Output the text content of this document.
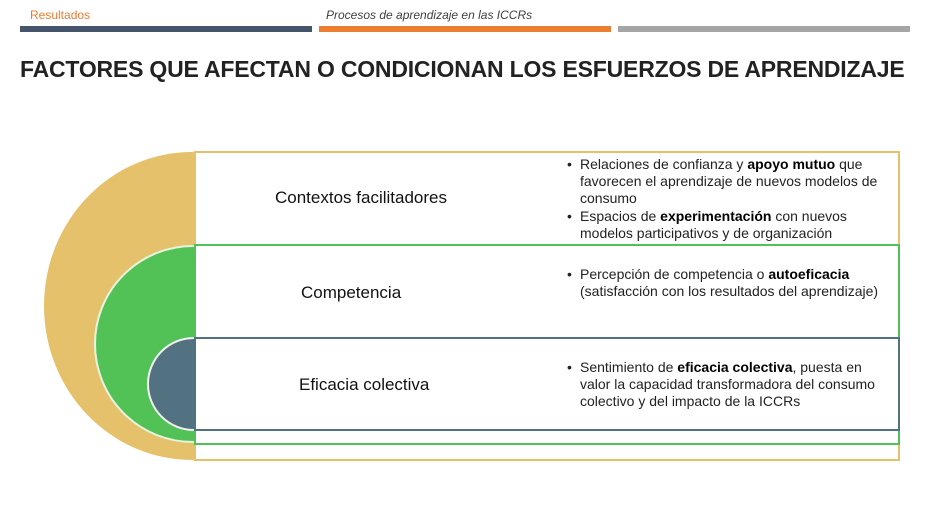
Resultados	Procesos de aprendizaje en las ICCRs
FACTORES QUE AFECTAN O CONDICIONAN LOS ESFUERZOS DE APRENDIZAJE
Contextos facilitadores
• Relaciones de confianza y apoyo mutuo que favorecen el aprendizaje de nuevos modelos de consumo
• Espacios de experimentación con nuevos modelos participativos y de organización
Competencia
• Percepción de competencia o autoeficacia (satisfacción con los resultados del aprendizaje)
Eficacia colectiva
• Sentimiento de eficacia colectiva, puesta en valor la capacidad transformadora del consumo colectivo y del impacto de la ICCRs
